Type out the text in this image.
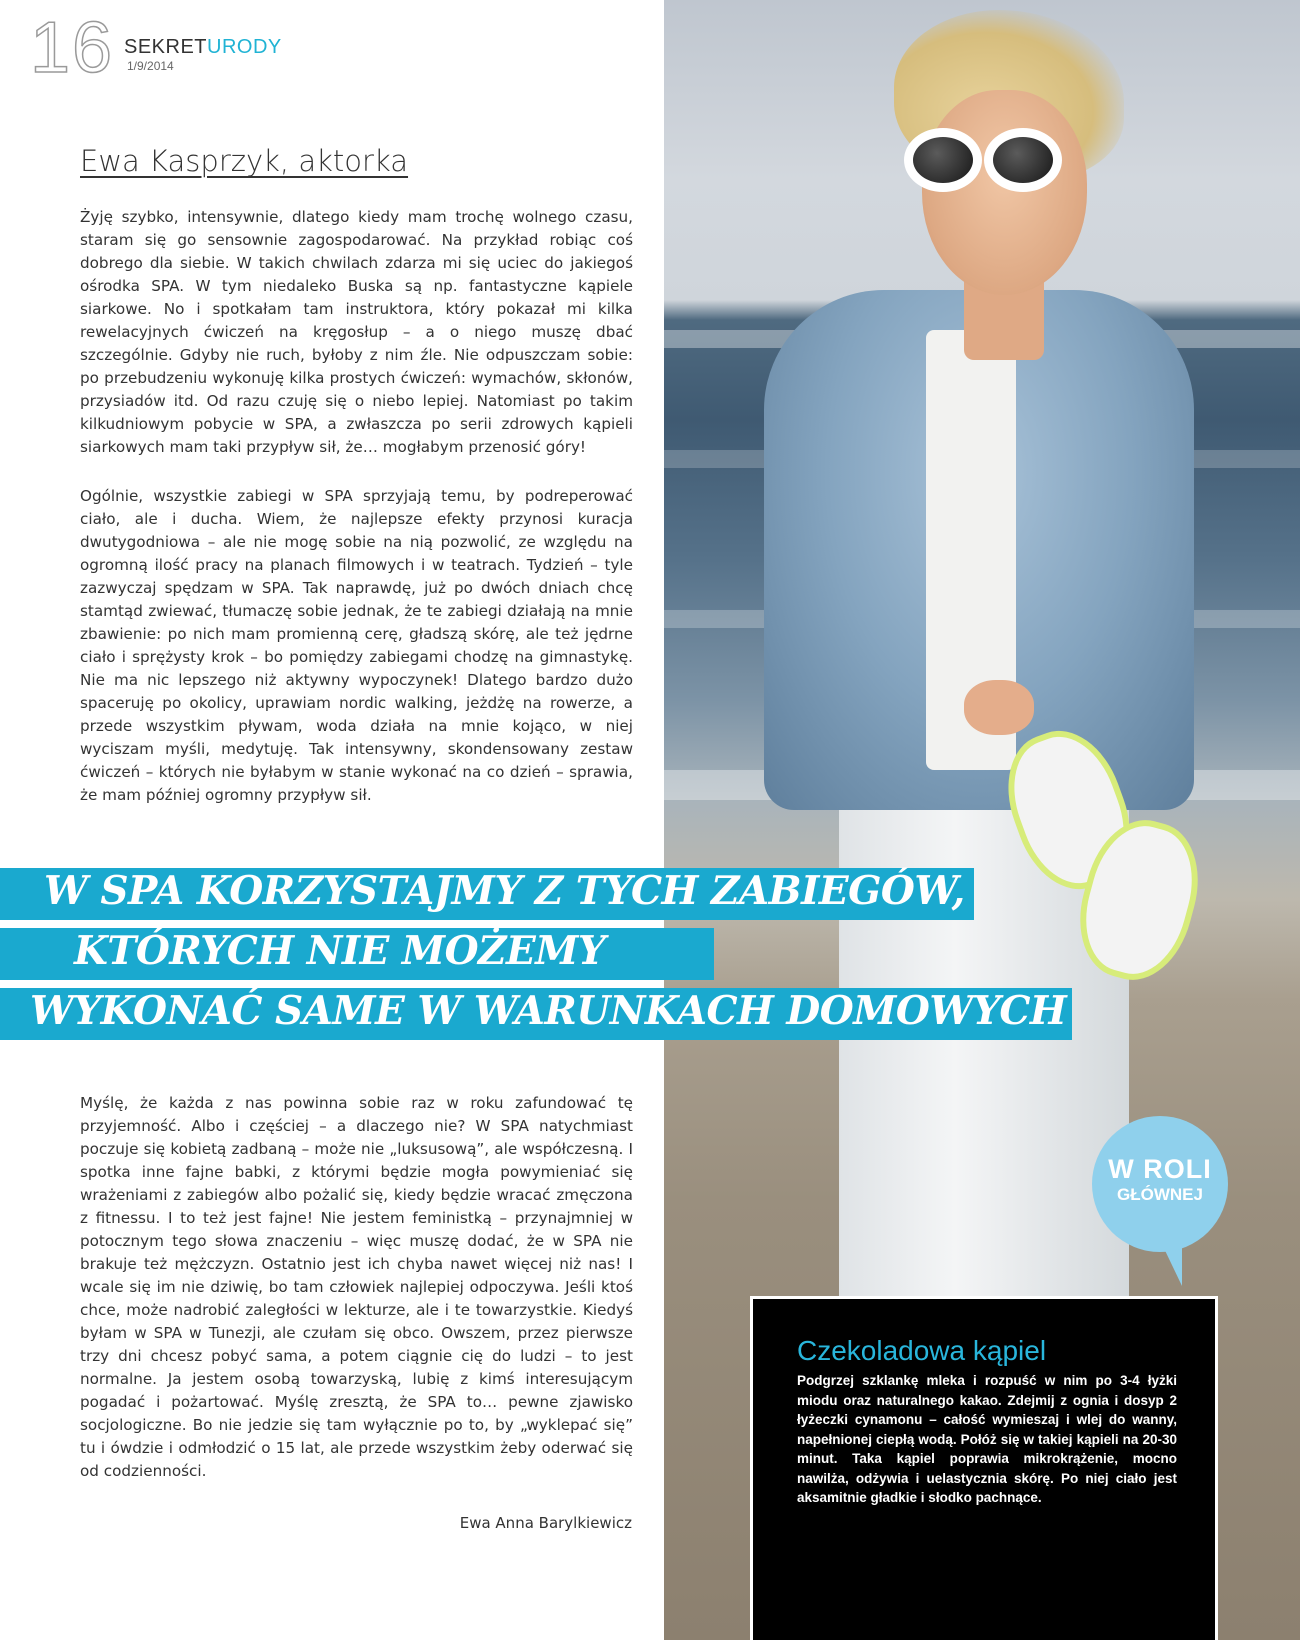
16 SEKRETURODY
1/9/2014
Ewa Kasprzyk, aktorka

Żyję szybko, intensywnie, dlatego kiedy mam trochę wolnego czasu, staram się go sensownie zagospodarować. Na przykład robiąc coś dobrego dla siebie. W takich chwilach zdarza mi się uciec do jakiegoś ośrodka SPA. W tym niedaleko Buska są np. fantastyczne kąpiele siarkowe. No i spotkałam tam instruktora, który pokazał mi kilka rewelacyjnych ćwiczeń na kręgosłup – a o niego muszę dbać szczególnie. Gdyby nie ruch, byłoby z nim źle. Nie odpuszczam sobie: po przebudzeniu wykonuję kilka prostych ćwiczeń: wymachów, skłonów, przysiadów itd. Od razu czuję się o niebo lepiej. Natomiast po takim kilkudniowym pobycie w SPA, a zwłaszcza po serii zdrowych kąpieli siarkowych mam taki przypływ sił, że… mogłabym przenosić góry!

Ogólnie, wszystkie zabiegi w SPA sprzyjają temu, by podreperować ciało, ale i ducha. Wiem, że najlepsze efekty przynosi kuracja dwutygodniowa – ale nie mogę sobie na nią pozwolić, ze względu na ogromną ilość pracy na planach filmowych i w teatrach. Tydzień – tyle zazwyczaj spędzam w SPA. Tak naprawdę, już po dwóch dniach chcę stamtąd zwiewać, tłumaczę sobie jednak, że te zabiegi działają na mnie zbawienie: po nich mam promienną cerę, gładszą skórę, ale też jędrne ciało i sprężysty krok – bo pomiędzy zabiegami chodzę na gimnastykę. Nie ma nic lepszego niż aktywny wypoczynek! Dlatego bardzo dużo spaceruję po okolicy, uprawiam nordic walking, jeżdżę na rowerze, a przede wszystkim pływam, woda działa na mnie kojąco, w niej wyciszam myśli, medytuję. Tak intensywny, skondensowany zestaw ćwiczeń – których nie byłabym w stanie wykonać na co dzień – sprawia, że mam później ogromny przypływ sił.

Myślę, że każda z nas powinna sobie raz w roku zafundować tę przyjemność. Albo i częściej – a dlaczego nie? W SPA natychmiast poczuje się kobietą zadbaną – może nie „luksusową”, ale współczesną. I spotka inne fajne babki, z którymi będzie mogła powymieniać się wrażeniami z zabiegów albo pożalić się, kiedy będzie wracać zmęczona z fitnessu. I to też jest fajne! Nie jestem feministką – przynajmniej w potocznym tego słowa znaczeniu – więc muszę dodać, że w SPA nie brakuje też mężczyzn. Ostatnio jest ich chyba nawet więcej niż nas! I wcale się im nie dziwię, bo tam człowiek najlepiej odpoczywa. Jeśli ktoś chce, może nadrobić zaległości w lekturze, ale i te towarzystkie. Kiedyś byłam w SPA w Tunezji, ale czułam się obco. Owszem, przez pierwsze trzy dni chcesz pobyć sama, a potem ciągnie cię do ludzi – to jest normalne. Ja jestem osobą towarzyską, lubię z kimś interesującym pogadać i pożartować. Myślę zresztą, że SPA to… pewne zjawisko socjologiczne. Bo nie jedzie się tam wyłącznie po to, by „wyklepać się” tu i ówdzie i odmłodzić o 15 lat, ale przede wszystkim żeby oderwać się od codzienności.

Ewa Anna Barylkiewicz
W SPA KORZYSTAJMY Z TYCH ZABIEGÓW,
KTÓRYCH NIE MOŻEMY
WYKONAĆ SAME W WARUNKACH DOMOWYCH
W ROLI
GŁÓWNEJ
Czekoladowa kąpiel

Podgrzej szklankę mleka i rozpuść w nim po 3-4 łyżki miodu oraz naturalnego kakao. Zdejmij z ognia i dosyp 2 łyżeczki cynamonu – całość wymieszaj i wlej do wanny, napełnionej ciepłą wodą. Połóż się w takiej kąpieli na 20-30 minut. Taka kąpiel poprawia mikrokrążenie, mocno nawilża, odżywia i uelastycznia skórę. Po niej ciało jest aksamitnie gładkie i słodko pachnące.
